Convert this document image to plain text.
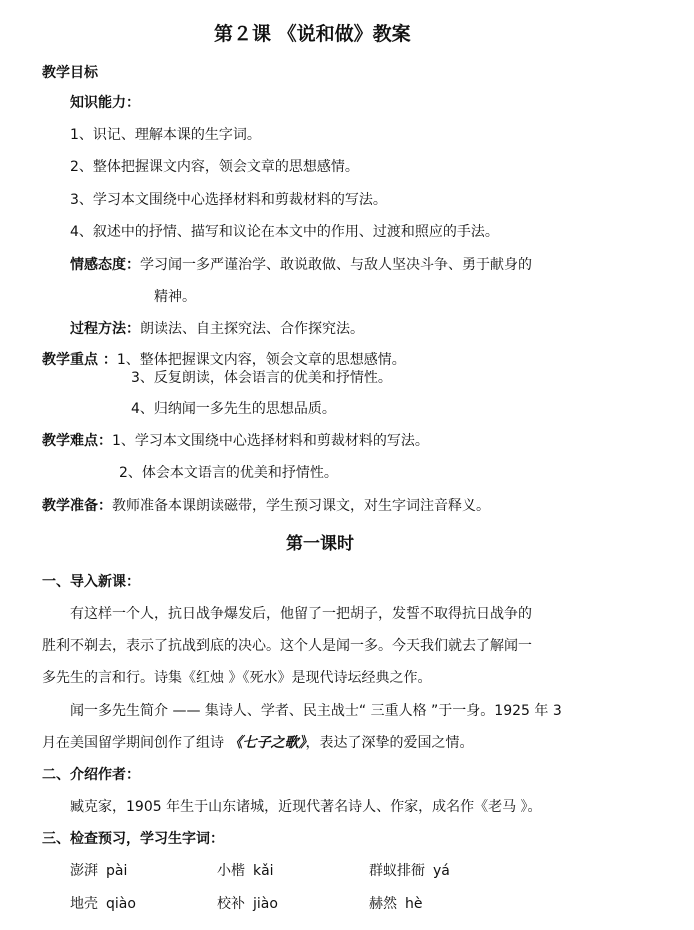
第２课 《说和做》教案
教学目标
知识能力：
1、识记、理解本课的生字词。
2、整体把握课文内容，领会文章的思想感情。
3、学习本文围绕中心选择材料和剪裁材料的写法。
4、叙述中的抒情、描写和议论在本文中的作用、过渡和照应的手法。
情感态度：学习闻一多严谨治学、敢说敢做、与敌人坚决斗争、勇于献身的
精神。
过程方法：朗读法、自主探究法、合作探究法。
教学重点 ：1、整体把握课文内容，领会文章的思想感情。
3、反复朗读，体会语言的优美和抒情性。
4、归纳闻一多先生的思想品质。
教学难点：1、学习本文围绕中心选择材料和剪裁材料的写法。
2、体会本文语言的优美和抒情性。
教学准备：教师准备本课朗读磁带，学生预习课文，对生字词注音释义。
第一课时
一、导入新课：
有这样一个人，抗日战争爆发后，他留了一把胡子，发誓不取得抗日战争的
胜利不剃去，表示了抗战到底的决心。这个人是闻一多。今天我们就去了解闻一
多先生的言和行。诗集《红烛 》《死水》是现代诗坛经典之作。
闻一多先生简介 —— 集诗人、学者、民主战士“ 三重人格 ”于一身。1925 年 3
月在美国留学期间创作了组诗 《七子之歌》，表达了深挚的爱国之情。
二、介绍作者：
臧克家，1905 年生于山东诸城，近现代著名诗人、作家，成名作《老马 》。
三、检查预习，学习生字词：
澎湃 pài	小楷 kǎi	群蚁排衙 yá
地壳 qiào	校补 jiào	赫然 hè
